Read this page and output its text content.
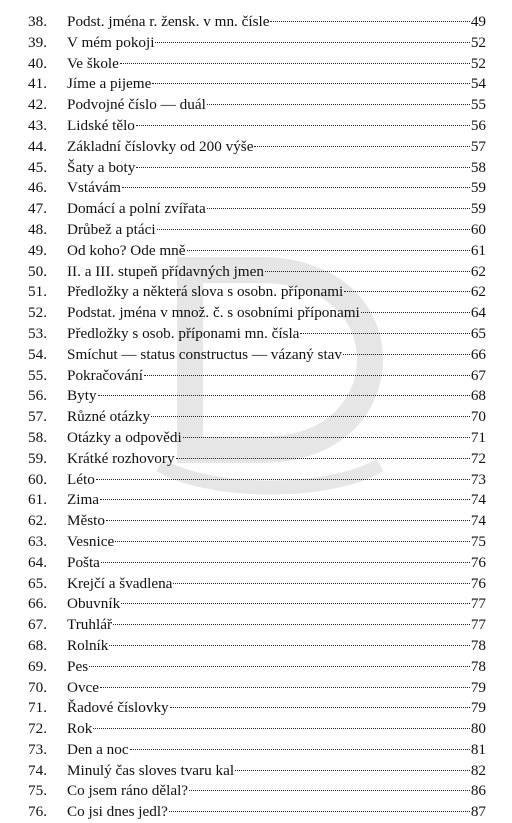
38.	Podst. jména r. žensk. v mn. čísle	49
39.	V mém pokoji	52
40.	Ve škole	52
41.	Jíme a pijeme	54
42.	Podvojné číslo — duál	55
43.	Lidské tělo	56
44.	Základní číslovky od 200 výše	57
45.	Šaty a boty	58
46.	Vstávám	59
47.	Domácí a polní zvířata	59
48.	Drůbež a ptáci	60
49.	Od koho? Ode mně	61
50.	II. a III. stupeň přídavných jmen	62
51.	Předložky a některá slova s osobn. příponami	62
52.	Podstat. jména v množ. č. s osobními příponami	64
53.	Předložky s osob. příponami mn. čísla	65
54.	Smíchut — status constructus — vázaný stav	66
55.	Pokračování	67
56.	Byty	68
57.	Různé otázky	70
58.	Otázky a odpovědi	71
59.	Krátké rozhovory	72
60.	Léto	73
61.	Zima	74
62.	Město	74
63.	Vesnice	75
64.	Pošta	76
65.	Krejčí a švadlena	76
66.	Obuvník	77
67.	Truhlář	77
68.	Rolník	78
69.	Pes	78
70.	Ovce	79
71.	Řadové číslovky	79
72.	Rok	80
73.	Den a noc	81
74.	Minulý čas sloves tvaru kal	82
75.	Co jsem ráno dělal?	86
76.	Co jsi dnes jedl?	87
